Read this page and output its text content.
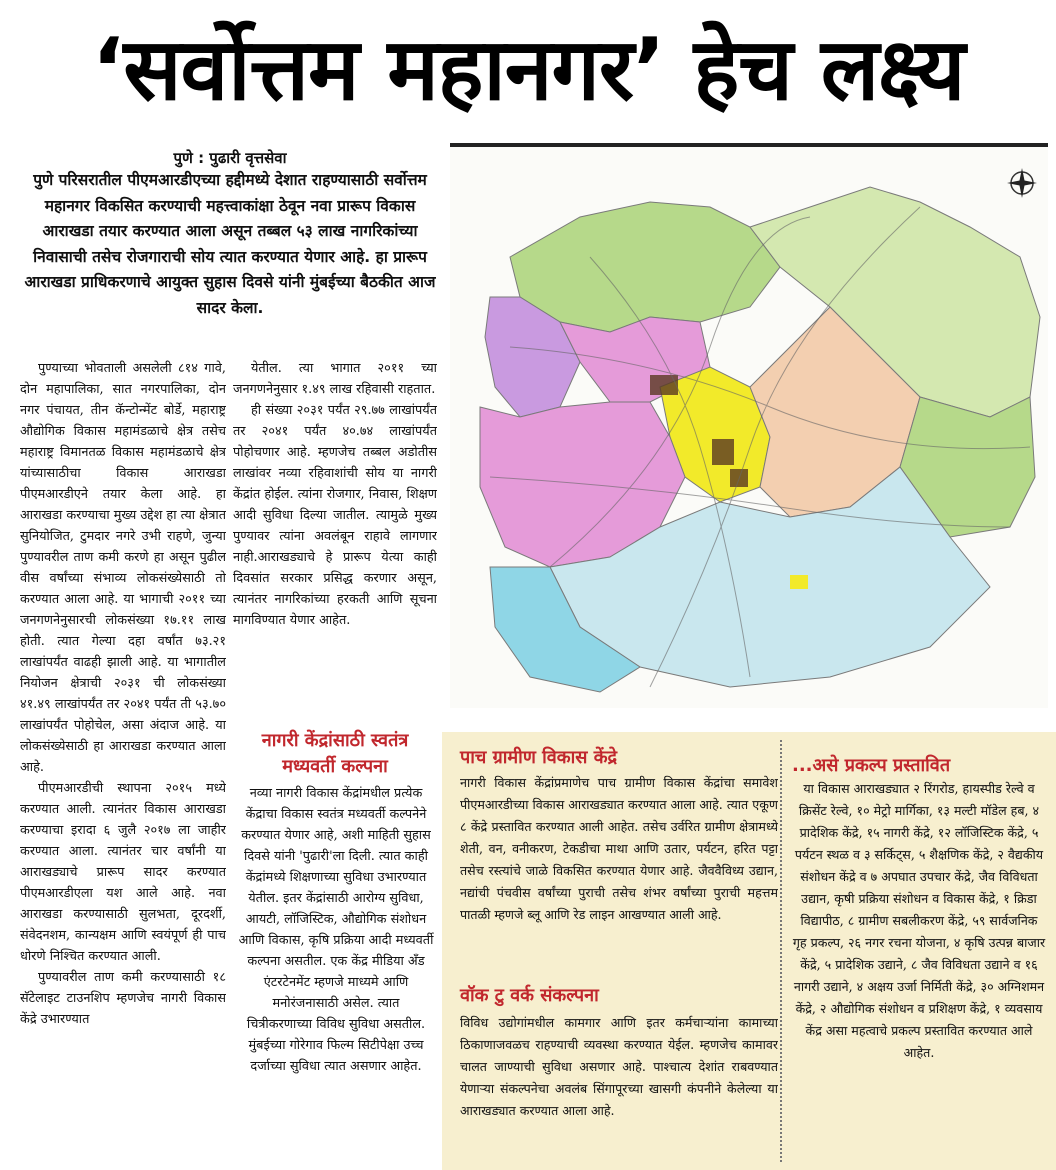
‘सर्वोत्तम महानगर’ हेच लक्ष्य
पुणे : पुढारी वृत्तसेवा
पुणे परिसरातील पीएमआरडीएच्या हद्दीमध्ये देशात राहण्यासाठी सर्वोत्तम महानगर विकसित करण्याची महत्त्वाकांक्षा ठेवून नवा प्रारूप विकास आराखडा तयार करण्यात आला असून तब्बल ५३ लाख नागरिकांच्या निवासाची तसेच रोजगाराची सोय त्यात करण्यात येणार आहे. हा प्रारूप आराखडा प्राधिकरणाचे आयुक्त सुहास दिवसे यांनी मुंबईच्या बैठकीत आज सादर केला.

पुण्याच्या भोवताली असलेली ८१४ गावे, दोन महापालिका, सात नगरपालिका, दोन नगर पंचायत, तीन कॅन्टोन्मेंट बोर्डे, महाराष्ट्र औद्योगिक विकास महामंडळाचे क्षेत्र तसेच महाराष्ट्र विमानतळ विकास महामंडळाचे क्षेत्र यांच्यासाठीचा विकास आराखडा पीएमआरडीएने तयार केला आहे. हा आराखडा करण्याचा मुख्य उद्देश हा त्या क्षेत्रात सुनियोजित, टुमदार नगरे उभी राहणे, जुन्या पुण्यावरील ताण कमी करणे हा असून पुढील वीस वर्षांच्या संभाव्य लोकसंख्येसाठी तो करण्यात आला आहे. या भागाची २०११ च्या जनगणनेनुसारची लोकसंख्या १७.११ लाख होती. त्यात गेल्या दहा वर्षांत ७३.२१ लाखांपर्यंत वाढही झाली आहे. या भागातील नियोजन क्षेत्राची २०३१ ची लोकसंख्या ४१.४९ लाखांपर्यंत तर २०४१ पर्यंत ती ५३.७० लाखांपर्यंत पोहोचेल, असा अंदाज आहे. या लोकसंख्येसाठी हा आराखडा करण्यात आला आहे.

पीएमआरडीची स्थापना २०१५ मध्ये करण्यात आली. त्यानंतर विकास आराखडा करण्याचा इरादा ६ जुलै २०१७ ला जाहीर करण्यात आला. त्यानंतर चार वर्षांनी या आराखड्याचे प्रारूप सादर करण्यात पीएमआरडीएला यश आले आहे. नवा आराखडा करण्यासाठी सुलभता, दूरदर्शी, संवेदनशम, कान्यक्षम आणि स्वयंपूर्ण ही पाच धोरणे निश्चित करण्यात आली.

पुण्यावरील ताण कमी करण्यासाठी १८ सॅटेलाइट टाउनशिप म्हणजेच नागरी विकास केंद्रे उभारण्यात

येतील. त्या भागात २०११ च्या जनगणनेनुसार १.४९ लाख रहिवासी राहतात.

ही संख्या २०३१ पर्यंत २९.७७ लाखांपर्यंत तर २०४१ पर्यंत ४०.७४ लाखांपर्यंत पोहोचणार आहे. म्हणजेच तब्बल अडोतीस लाखांवर नव्या रहिवाशांची सोय या नागरी केंद्रांत होईल. त्यांना रोजगार, निवास, शिक्षण आदी सुविधा दिल्या जातील. त्यामुळे मुख्य पुण्यावर त्यांना अवलंबून राहावे लागणार नाही.आराखड्याचे हे प्रारूप येत्या काही दिवसांत सरकार प्रसिद्ध करणार असून, त्यानंतर नागरिकांच्या हरकती आणि सूचना मागविण्यात येणार आहेत.

नागरी केंद्रांसाठी स्वतंत्र मध्यवर्ती कल्पना

नव्या नागरी विकास केंद्रांमधील प्रत्येक केंद्राचा विकास स्वतंत्र मध्यवर्ती कल्पनेने करण्यात येणार आहे, अशी माहिती सुहास दिवसे यांनी 'पुढारी'ला दिली. त्यात काही केंद्रांमध्ये शिक्षणाच्या सुविधा उभारण्यात येतील. इतर केंद्रांसाठी आरोग्य सुविधा, आयटी, लॉजिस्टिक, औद्योगिक संशोधन आणि विकास, कृषि प्रक्रिया आदी मध्यवर्ती कल्पना असतील. एक केंद्र मीडिया अँड एंटरटेनमेंट म्हणजे माध्यमे आणि मनोरंजनासाठी असेल. त्यात चित्रीकरणाच्या विविध सुविधा असतील. मुंबईच्या गोरेगाव फिल्म सिटीपेक्षा उच्च दर्जाच्या सुविधा त्यात असणार आहेत.

पाच ग्रामीण विकास केंद्रे
नागरी विकास केंद्रांप्रमाणेच पाच ग्रामीण विकास केंद्रांचा समावेश पीएमआरडीच्या विकास आराखड्यात करण्यात आला आहे. त्यात एकूण ८ केंद्रे प्रस्तावित करण्यात आली आहेत. तसेच उर्वरित ग्रामीण क्षेत्रामध्ये शेती, वन, वनीकरण, टेकडीचा माथा आणि उतार, पर्यटन, हरित पट्टा तसेच रस्त्यांचे जाळे विकसित करण्यात येणार आहे. जैववैविध्य उद्यान, नद्यांची पंचवीस वर्षांच्या पुराची तसेच शंभर वर्षांच्या पुराची महत्तम पातळी म्हणजे ब्लू आणि रेड लाइन आखण्यात आली आहे.
वॉक टु वर्क संकल्पना
विविध उद्योगांमधील कामगार आणि इतर कर्मचाऱ्यांना कामाच्या ठिकाणाजवळच राहण्याची व्यवस्था करण्यात येईल. म्हणजेच कामावर चालत जाण्याची सुविधा असणार आहे. पाश्चात्य देशांत राबवण्यात येणाऱ्या संकल्पनेचा अवलंब सिंगापूरच्या खासगी कंपनीने केलेल्या या आराखड्यात करण्यात आला आहे.
...असे प्रकल्प प्रस्तावित
या विकास आराखड्यात २ रिंगरोड, हायस्पीड रेल्वे व क्रिसेंट रेल्वे, १० मेट्रो मार्गिका, १३ मल्टी मॉडेल हब, ४ प्रादेशिक केंद्रे, १५ नागरी केंद्रे, १२ लॉजिस्टिक केंद्रे, ५ पर्यटन स्थळ व ३ सर्किट्स, ५ शैक्षणिक केंद्रे, २ वैद्यकीय संशोधन केंद्रे व ७ अपघात उपचार केंद्रे, जैव विविधता उद्यान, कृषी प्रक्रिया संशोधन व विकास केंद्रे, १ क्रिडा विद्यापीठ, ८ ग्रामीण सबलीकरण केंद्रे, ५९ सार्वजनिक गृह प्रकल्प, २६ नगर रचना योजना, ४ कृषि उत्पन्न बाजार केंद्रे, ५ प्रादेशिक उद्याने, ८ जैव विविधता उद्याने व १६ नागरी उद्याने, ४ अक्षय उर्जा निर्मिती केंद्रे, ३० अग्निशमन केंद्रे, २ औद्योगिक संशोधन व प्रशिक्षण केंद्रे, १ व्यवसाय केंद्र असा महत्वाचे प्रकल्प प्रस्तावित करण्यात आले आहेत.
